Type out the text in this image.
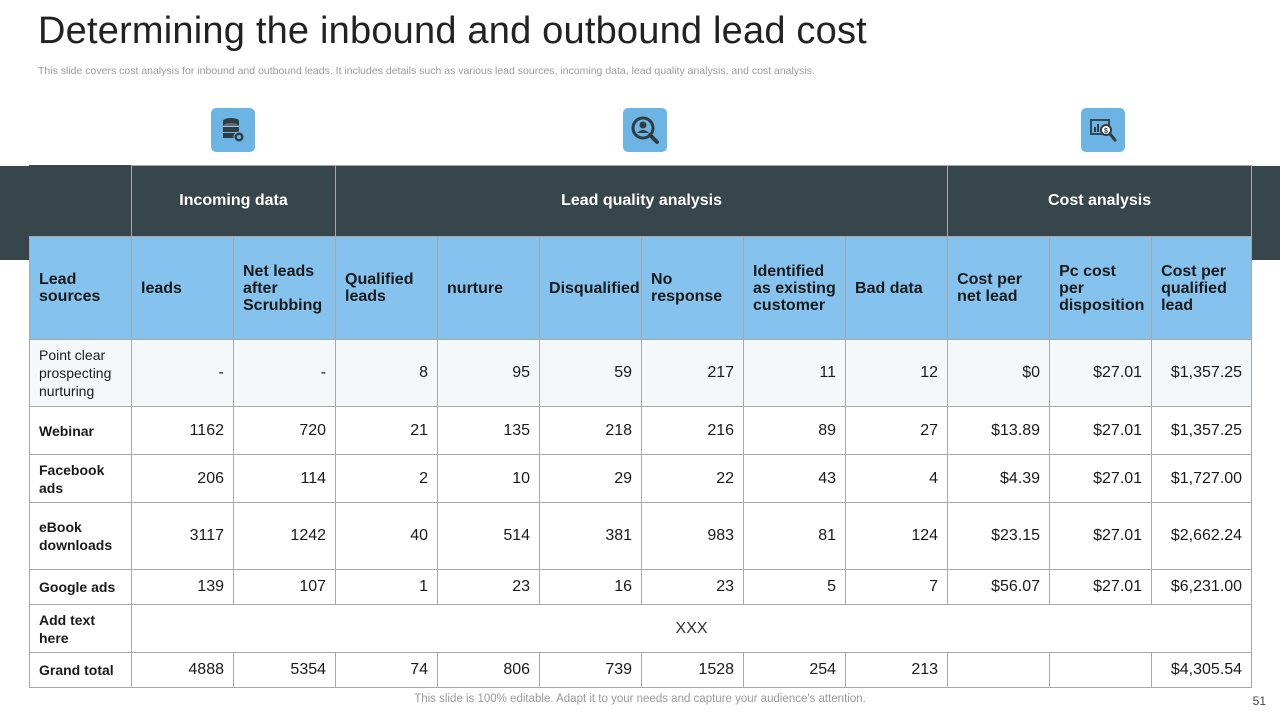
Determining the inbound and outbound lead cost

This slide covers cost analysis for inbound and outbound leads. It includes details such as various lead sources, incoming data, lead quality analysis, and cost analysis.

$
	Incoming data		Lead quality analysis						Cost analysis		
Lead sources	leads	Net leads after Scrubbing	Qualified leads	nurture	Disqualified	No response	Identified as existing customer	Bad data	Cost per net lead	Pc cost per disposition	Cost per qualified lead
Point clear prospecting nurturing	-	-	8	95	59	217	11	12	$0	$27.01	$1,357.25
Webinar	1162	720	21	135	218	216	89	27	$13.89	$27.01	$1,357.25
Facebook ads	206	114	2	10	29	22	43	4	$4.39	$27.01	$1,727.00
eBook downloads	3117	1242	40	514	381	983	81	124	$23.15	$27.01	$2,662.24
Google ads	139	107	1	23	16	23	5	7	$56.07	$27.01	$6,231.00
Add text here	XXX										
Grand total	4888	5354	74	806	739	1528	254	213			$4,305.54

This slide is 100% editable. Adapt it to your needs and capture your audience's attention.	51
